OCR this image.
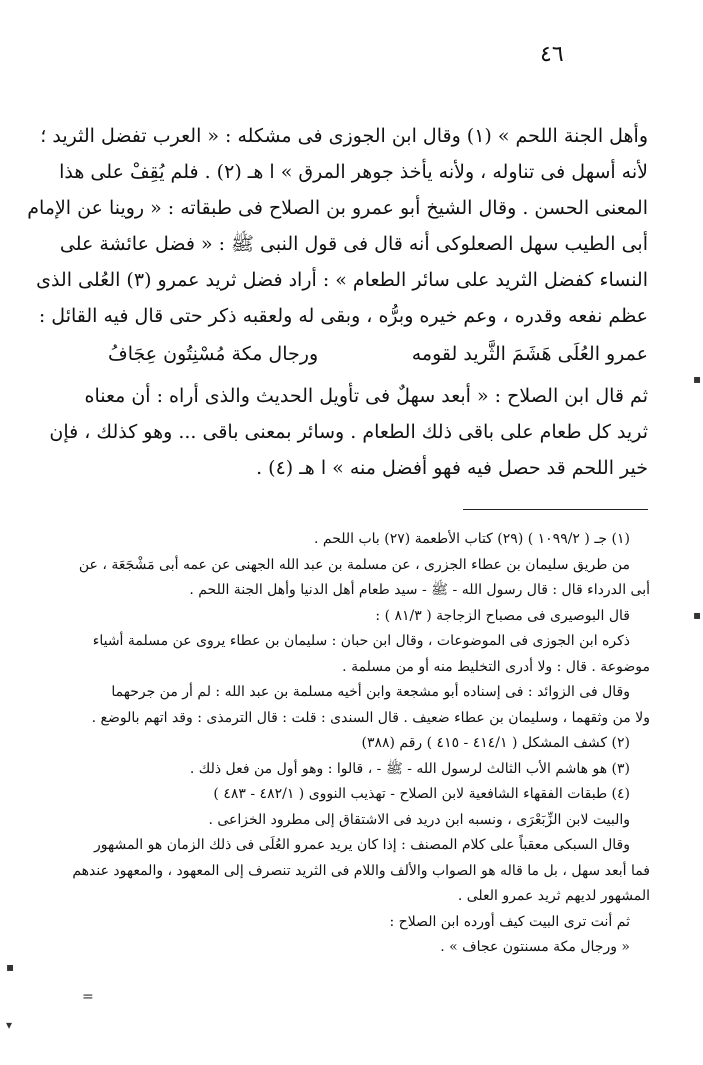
٤٦
وأهل الجنة اللحم » (١) وقال ابن الجوزى فى مشكله : « العرب تفضل الثريد ؛
لأنه أسهل فى تناوله ، ولأنه يأخذ جوهر المرق » ا هـ (٢) . فلم يُقِفْ على هذا
المعنى الحسن . وقال الشيخ أبو عمرو بن الصلاح فى طبقاته : « روينا عن الإمام
أبى الطيب سهل الصعلوكى أنه قال فى قول النبى ﷺ : « فضل عائشة على
النساء كفضل الثريد على سائر الطعام » : أراد فضل ثريد عمرو (٣) العُلى الذى
عظم نفعه وقدره ، وعم خيره وبرُّه ، وبقى له ولعقبه ذكر حتى قال فيه القائل :
عمرو العُلَى هَشَمَ الثَّريد لقومه
ورجال مكة مُسْنِتُون عِجَافُ
ثم قال ابن الصلاح : « أبعد سهلٌ فى تأويل الحديث والذى أراه : أن معناه
ثريد كل طعام على باقى ذلك الطعام . وسائر بمعنى باقى ... وهو كذلك ، فإن
خير اللحم قد حصل فيه فهو أفضل منه » ا هـ (٤) .
(١) جـ ( ١٠٩٩/٢ ) (٢٩) كتاب الأطعمة (٢٧) باب اللحم .
من طريق سليمان بن عطاء الجزرى ، عن مسلمة بن عبد الله الجهنى عن عمه أبى مَشْجَعَة ، عن
أبى الدرداء قال : قال رسول الله - ﷺ - سيد طعام أهل الدنيا وأهل الجنة اللحم .
قال البوصيرى فى مصباح الزجاجة ( ٨١/٣ ) :
ذكره ابن الجوزى فى الموضوعات ، وقال ابن حبان : سليمان بن عطاء يروى عن مسلمة أشياء
موضوعة . قال : ولا أدرى التخليط منه أو من مسلمة .
وقال فى الزوائد : فى إسناده أبو مشجعة وابن أخيه مسلمة بن عبد الله : لم أر من جرحهما
ولا من وثقهما ، وسليمان بن عطاء ضعيف . قال السندى : قلت : قال الترمذى : وقد اتهم بالوضع .
(٢) كشف المشكل ( ٤١٤/١ - ٤١٥ ) رقم (٣٨٨)
(٣) هو هاشم الأب الثالث لرسول الله - ﷺ - ، قالوا : وهو أول من فعل ذلك .
(٤) طبقات الفقهاء الشافعية لابن الصلاح - تهذيب النووى ( ٤٨٢/١ - ٤٨٣ )
والبيت لابن الزِّبَعْرَى ، ونسبه ابن دريد فى الاشتقاق إلى مطرود الخزاعى .
وقال السبكى معقباً على كلام المصنف : إذا كان يريد عمرو العُلَى فى ذلك الزمان هو المشهور
فما أبعد سهل ، بل ما قاله هو الصواب والألف واللام فى الثريد تنصرف إلى المعهود ، والمعهود عندهم
المشهور لديهم ثريد عمرو العلى .
ثم أنت ترى البيت كيف أورده ابن الصلاح :
« ورجال مكة مسنتون عجاف » .
=
▪
▪
▪
▾
